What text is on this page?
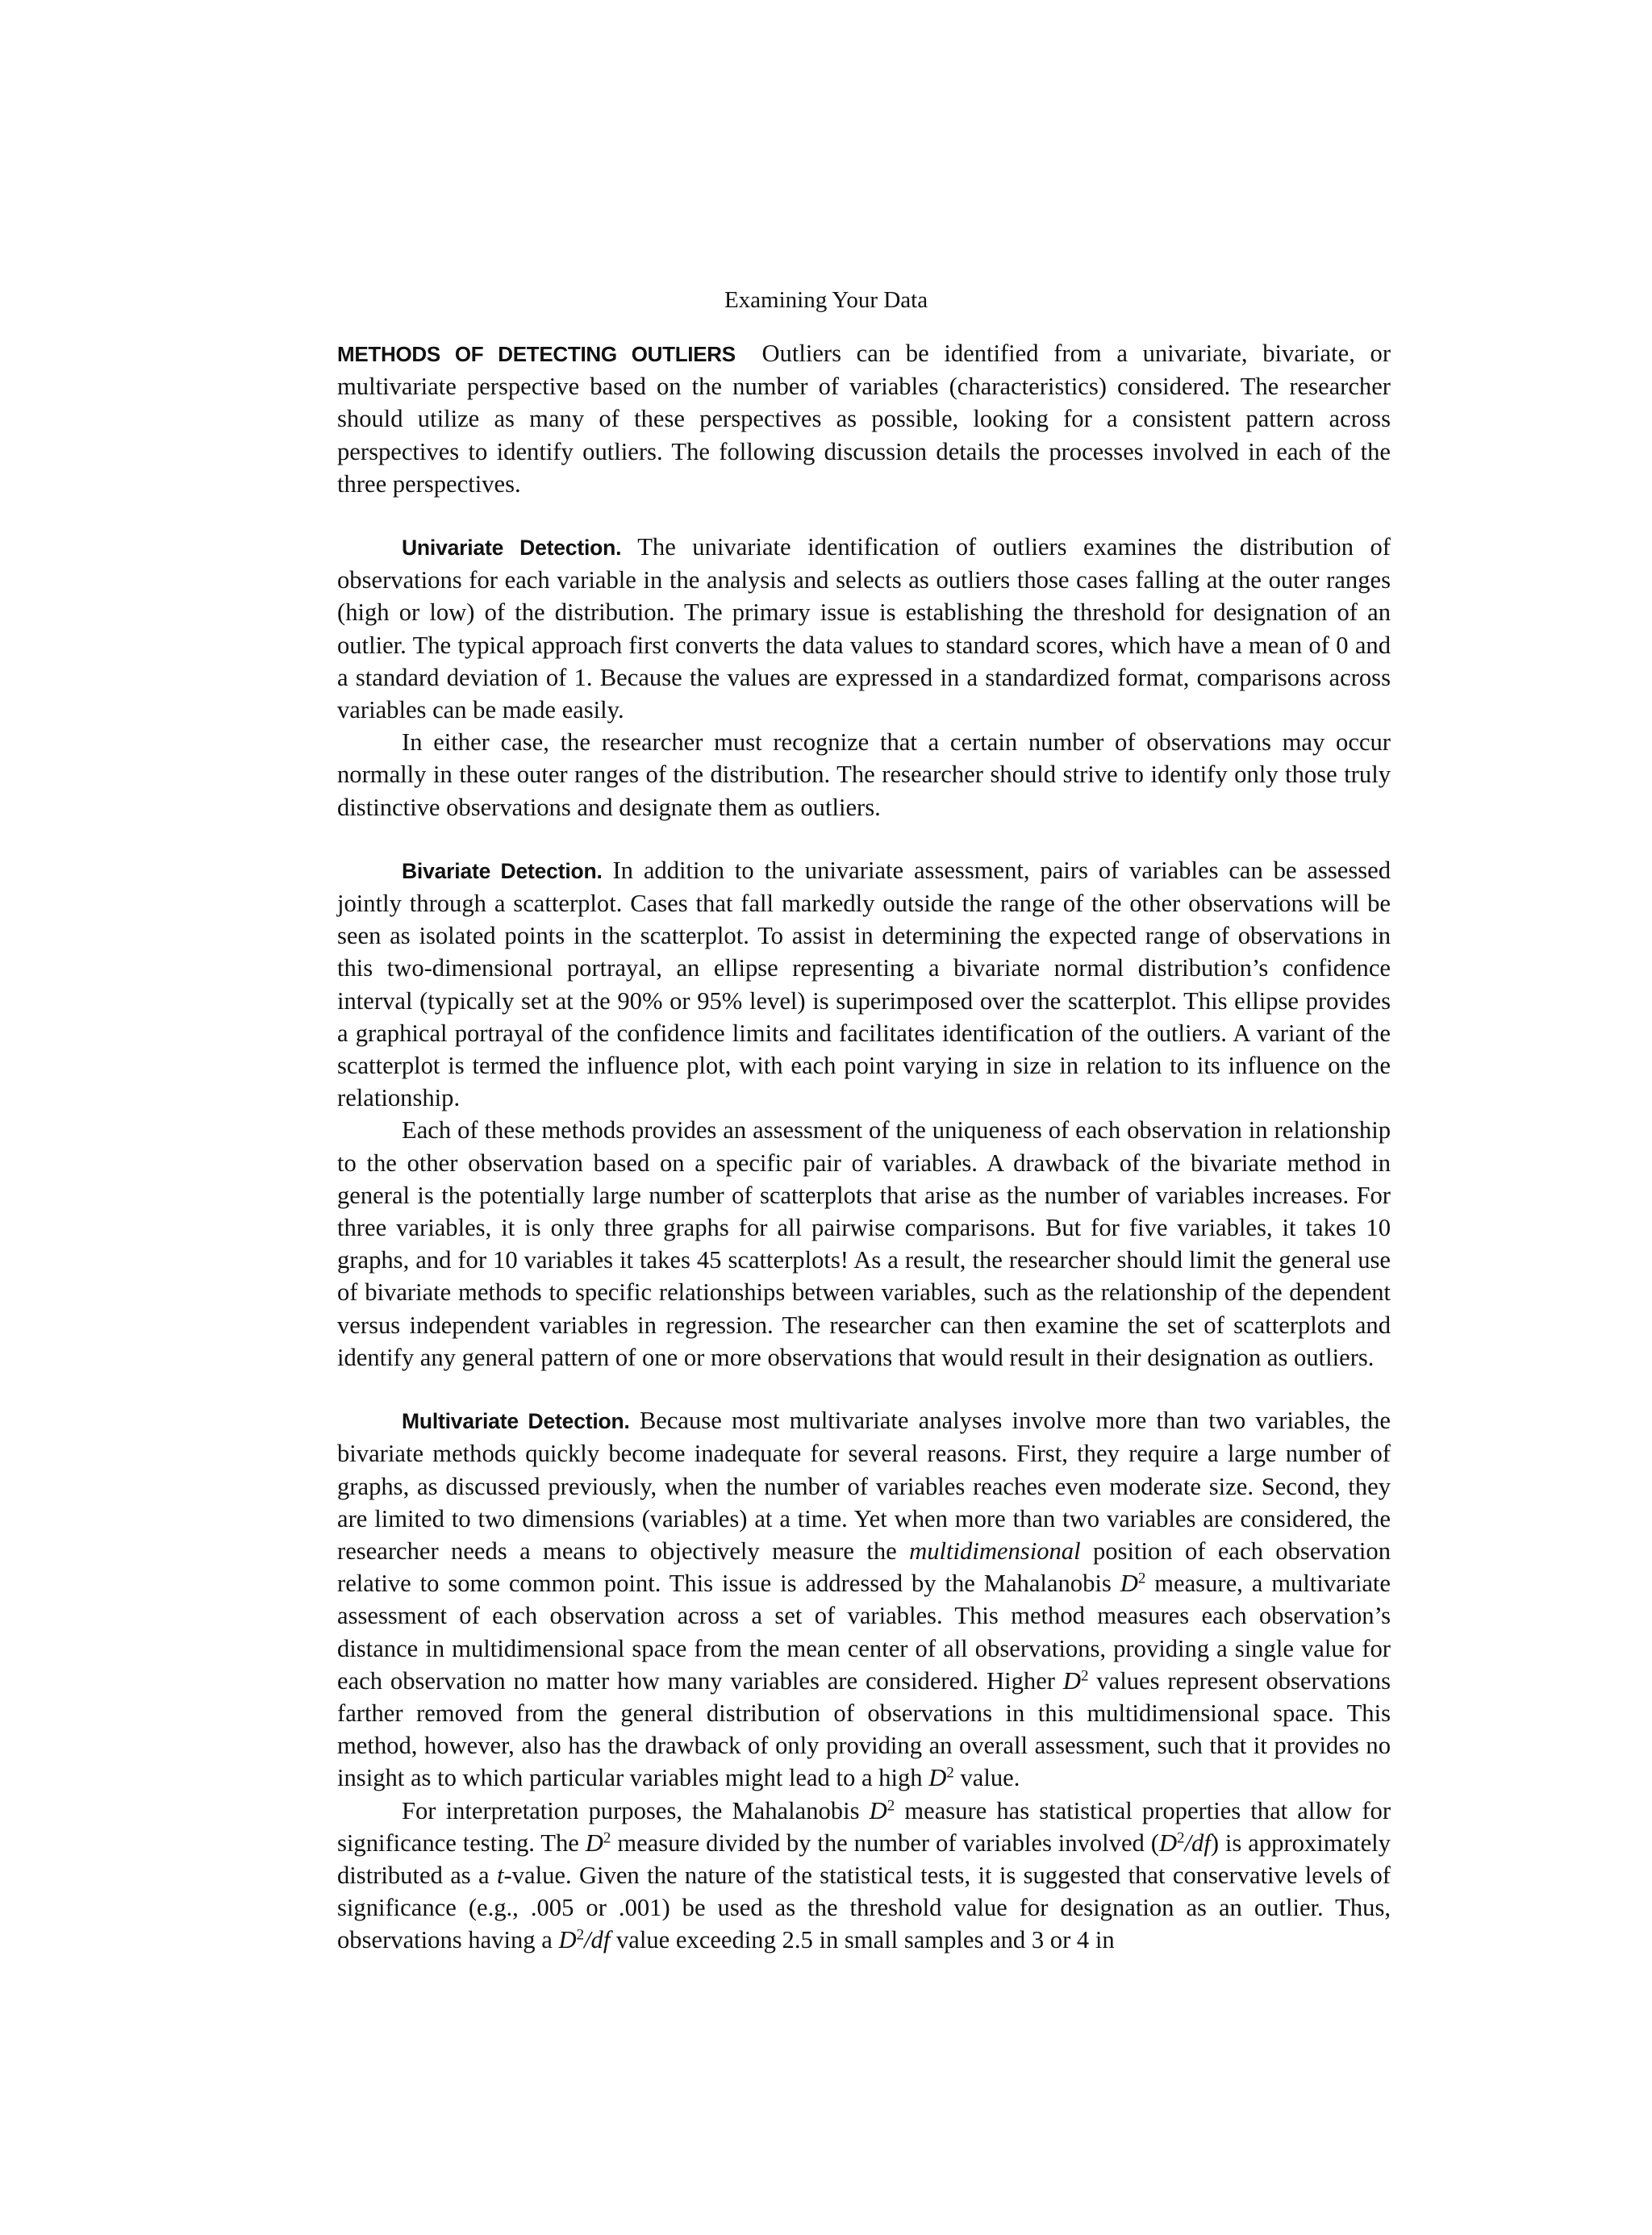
Examining Your Data

METHODS OF DETECTING OUTLIERS Outliers can be identified from a univariate, bivariate, or multivariate perspective based on the number of variables (characteristics) considered. The researcher should utilize as many of these perspectives as possible, looking for a consistent pattern across perspectives to identify outliers. The following discussion details the processes involved in each of the three perspectives.

Univariate Detection. The univariate identification of outliers examines the distribution of observations for each variable in the analysis and selects as outliers those cases falling at the outer ranges (high or low) of the distribution. The primary issue is establishing the threshold for designation of an outlier. The typical approach first converts the data values to standard scores, which have a mean of 0 and a standard deviation of 1. Because the values are expressed in a standardized format, comparisons across variables can be made easily.

In either case, the researcher must recognize that a certain number of observations may occur normally in these outer ranges of the distribution. The researcher should strive to identify only those truly distinctive observations and designate them as outliers.

Bivariate Detection. In addition to the univariate assessment, pairs of variables can be assessed jointly through a scatterplot. Cases that fall markedly outside the range of the other observations will be seen as isolated points in the scatterplot. To assist in determining the expected range of observations in this two-dimensional portrayal, an ellipse representing a bivariate normal distribution’s confidence interval (typically set at the 90% or 95% level) is superimposed over the scatterplot. This ellipse provides a graphical portrayal of the confidence limits and facilitates identification of the outliers. A variant of the scatterplot is termed the influence plot, with each point varying in size in relation to its influence on the relationship.

Each of these methods provides an assessment of the uniqueness of each observation in relationship to the other observation based on a specific pair of variables. A drawback of the bivariate method in general is the potentially large number of scatterplots that arise as the number of variables increases. For three variables, it is only three graphs for all pairwise comparisons. But for five variables, it takes 10 graphs, and for 10 variables it takes 45 scatterplots! As a result, the researcher should limit the general use of bivariate methods to specific relationships between variables, such as the relationship of the dependent versus independent variables in regression. The researcher can then examine the set of scatterplots and identify any general pattern of one or more observations that would result in their designation as outliers.

Multivariate Detection. Because most multivariate analyses involve more than two variables, the bivariate methods quickly become inadequate for several reasons. First, they require a large number of graphs, as discussed previously, when the number of variables reaches even moderate size. Second, they are limited to two dimensions (variables) at a time. Yet when more than two variables are considered, the researcher needs a means to objectively measure the multidimensional position of each observation relative to some common point. This issue is addressed by the Mahalanobis $D^2$ measure, a multivariate assessment of each observation across a set of variables. This method measures each observation’s distance in multidimensional space from the mean center of all observations, providing a single value for each observation no matter how many variables are considered. Higher $D^2$ values represent observations farther removed from the general distribution of observations in this multidimensional space. This method, however, also has the drawback of only providing an overall assessment, such that it provides no insight as to which particular variables might lead to a high $D^2$ value.

For interpretation purposes, the Mahalanobis $D^2$ measure has statistical properties that allow for significance testing. The $D^2$ measure divided by the number of variables involved $(D^2/df)$ is approximately distributed as a t-value. Given the nature of the statistical tests, it is suggested that conservative levels of significance (e.g., .005 or .001) be used as the threshold value for designation as an outlier. Thus, observations having a $D^2/df$ value exceeding 2.5 in small samples and 3 or 4 in
